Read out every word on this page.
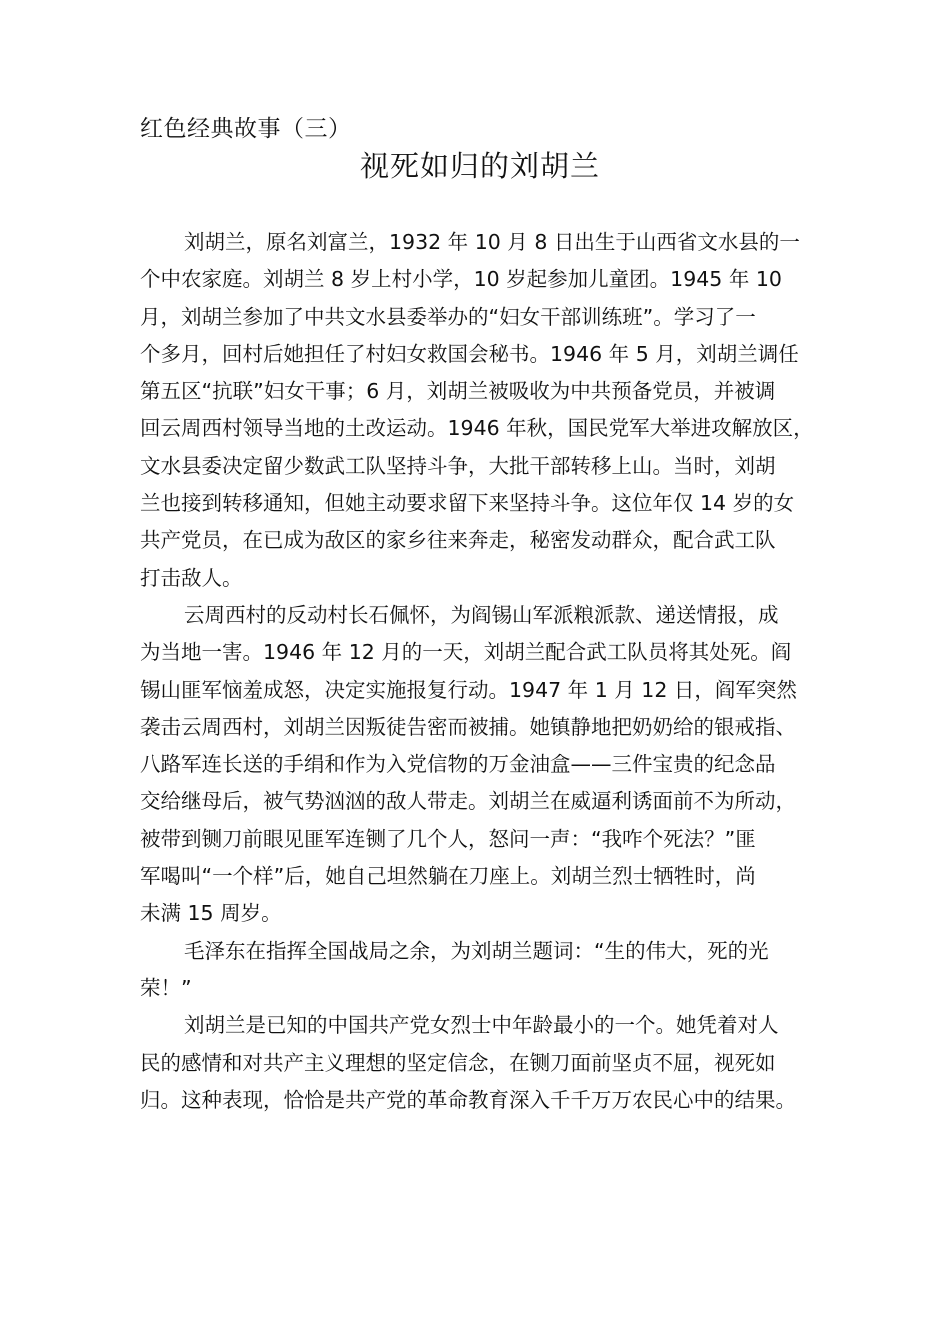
红色经典故事（三）
视死如归的刘胡兰

刘胡兰，原名刘富兰，1932 年 10 月 8 日出生于山西省文水县的一
个中农家庭。刘胡兰 8 岁上村小学，10 岁起参加儿童团。1945 年 10
月，刘胡兰参加了中共文水县委举办的“妇女干部训练班”。学习了一
个多月，回村后她担任了村妇女救国会秘书。1946 年 5 月，刘胡兰调任
第五区“抗联”妇女干事；6 月，刘胡兰被吸收为中共预备党员，并被调
回云周西村领导当地的土改运动。1946 年秋，国民党军大举进攻解放区，
文水县委决定留少数武工队坚持斗争，大批干部转移上山。当时，刘胡
兰也接到转移通知，但她主动要求留下来坚持斗争。这位年仅 14 岁的女
共产党员，在已成为敌区的家乡往来奔走，秘密发动群众，配合武工队
打击敌人。

云周西村的反动村长石佩怀，为阎锡山军派粮派款、递送情报，成
为当地一害。1946 年 12 月的一天，刘胡兰配合武工队员将其处死。阎
锡山匪军恼羞成怒，决定实施报复行动。1947 年 1 月 12 日，阎军突然
袭击云周西村，刘胡兰因叛徒告密而被捕。她镇静地把奶奶给的银戒指、
八路军连长送的手绢和作为入党信物的万金油盒——三件宝贵的纪念品
交给继母后，被气势汹汹的敌人带走。刘胡兰在威逼利诱面前不为所动，
被带到铡刀前眼见匪军连铡了几个人，怒问一声：“我咋个死法？”匪
军喝叫“一个样”后，她自己坦然躺在刀座上。刘胡兰烈士牺牲时，尚
未满 15 周岁。

毛泽东在指挥全国战局之余，为刘胡兰题词：“生的伟大，死的光
荣！”

刘胡兰是已知的中国共产党女烈士中年龄最小的一个。她凭着对人
民的感情和对共产主义理想的坚定信念，在铡刀面前坚贞不屈，视死如
归。这种表现，恰恰是共产党的革命教育深入千千万万农民心中的结果。
